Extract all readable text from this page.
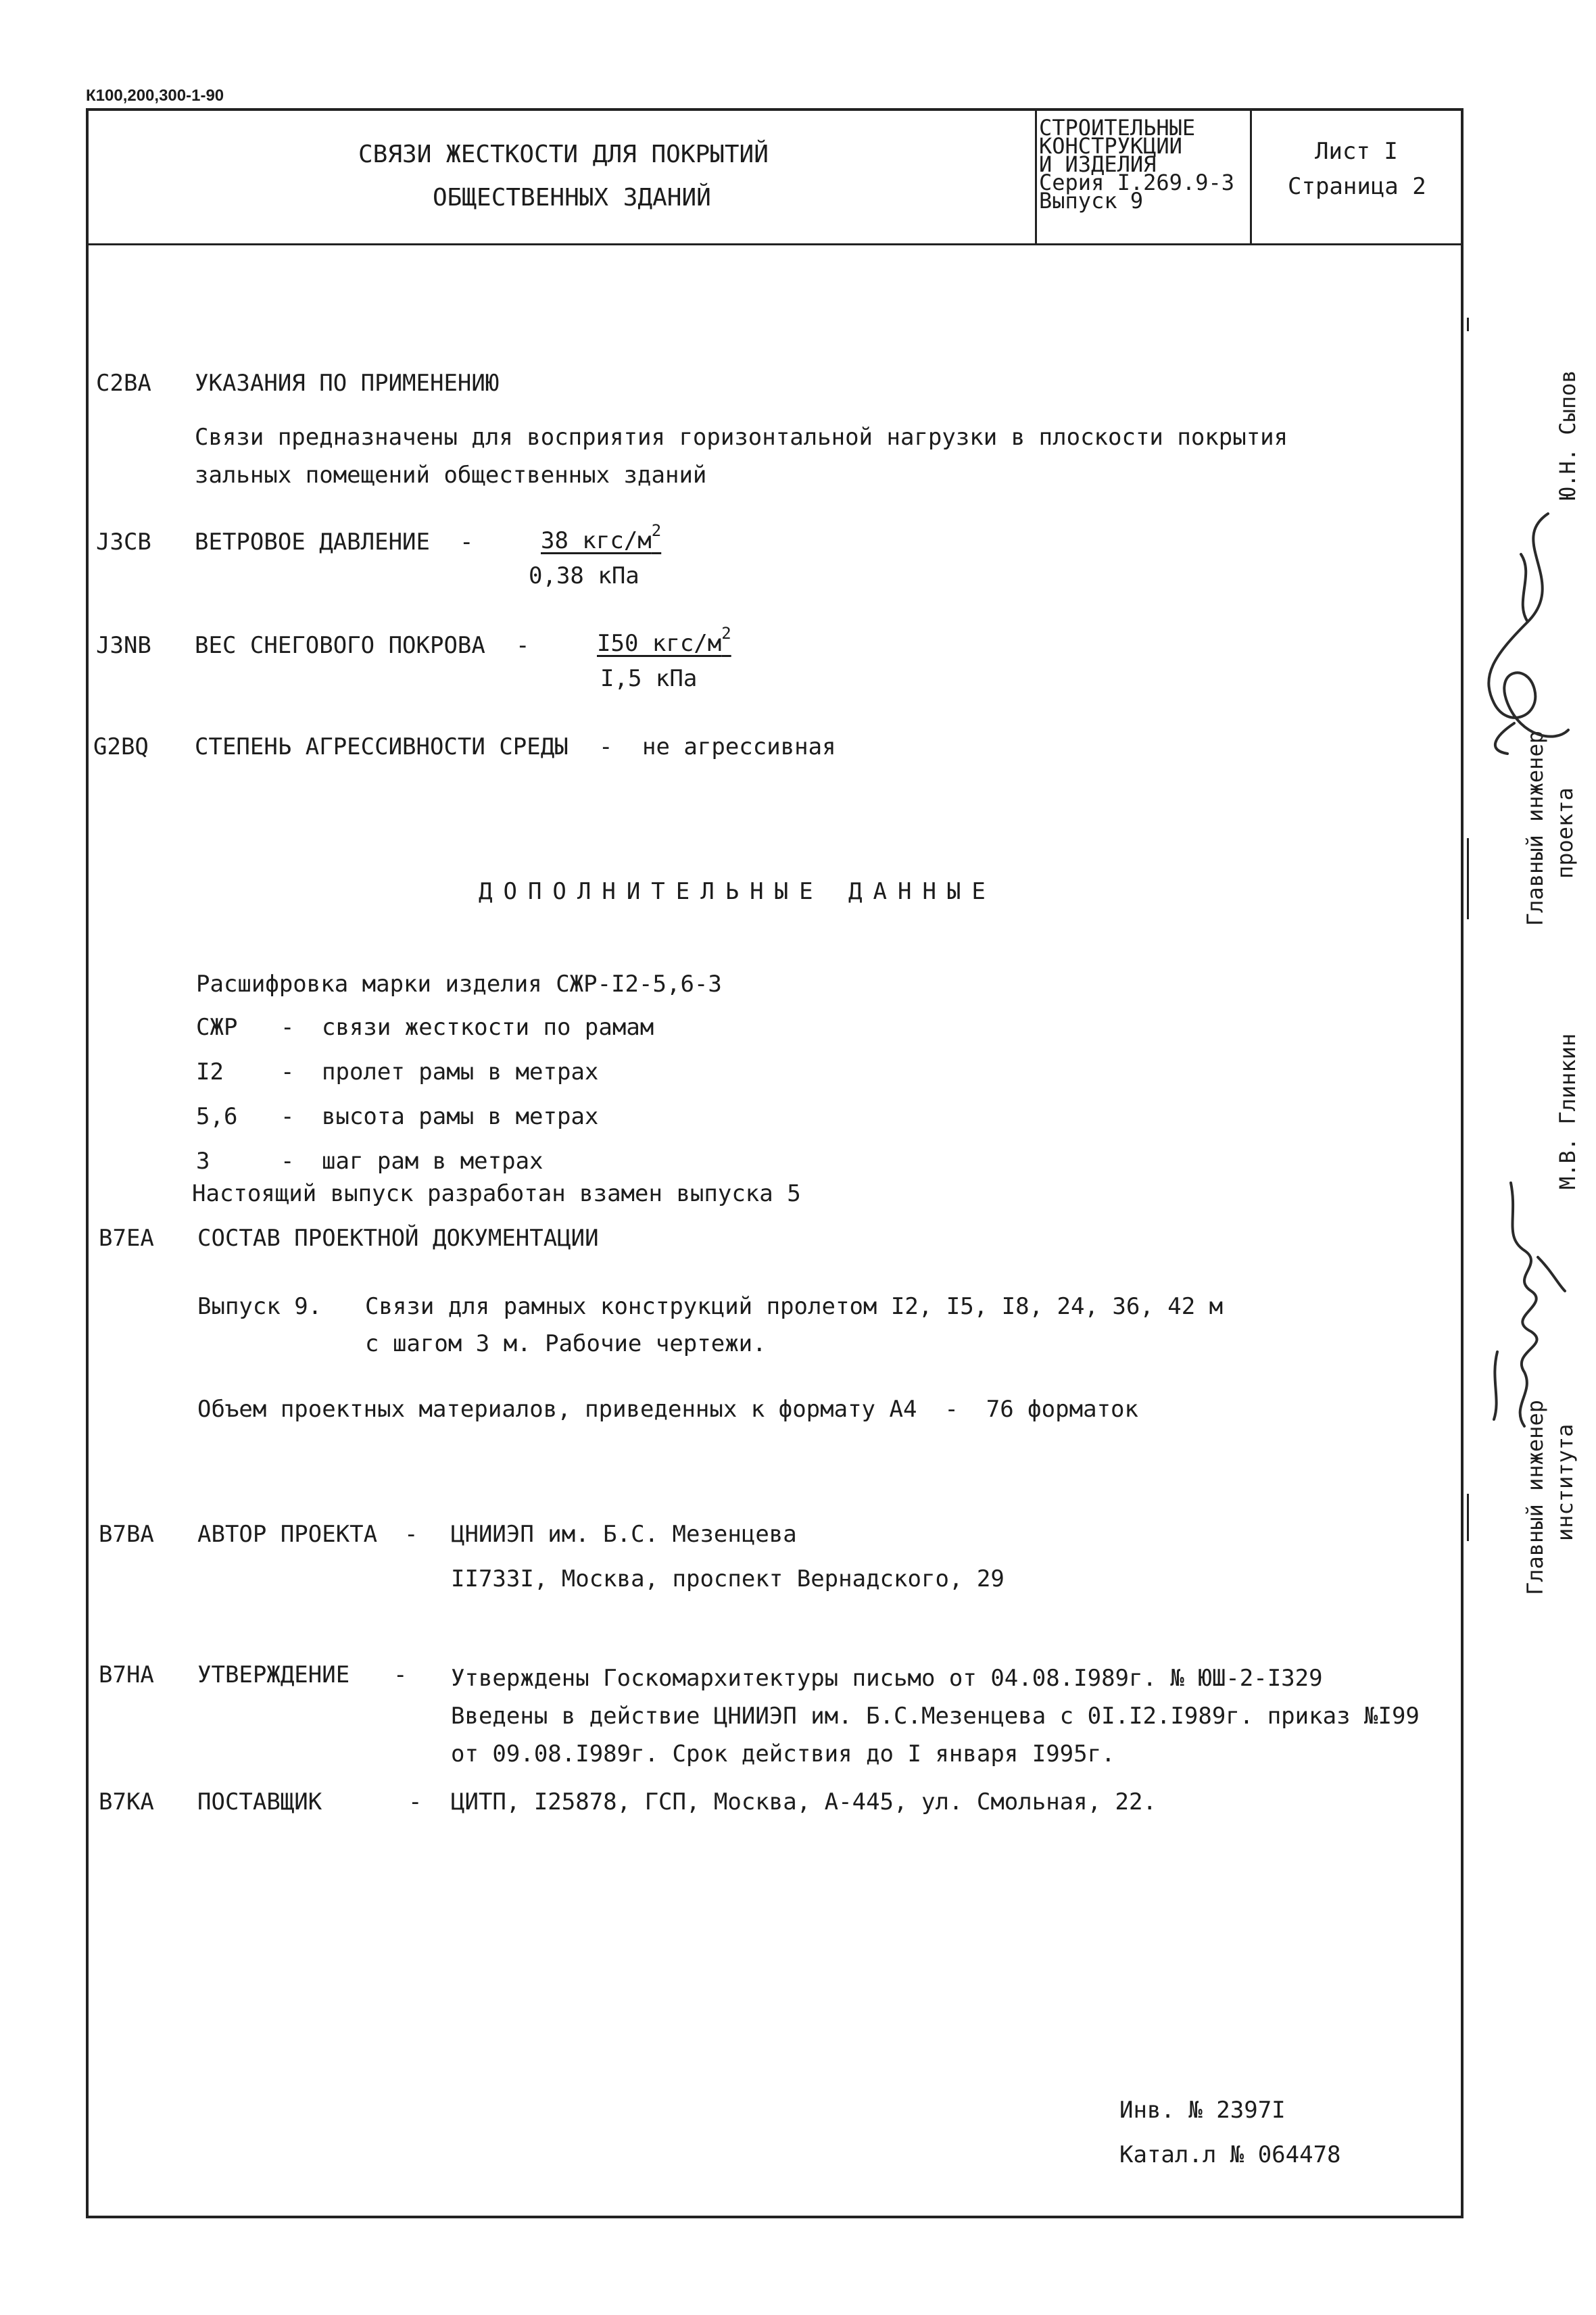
К100,200,300-1-90
СВЯЗИ ЖЕСТКОСТИ ДЛЯ ПОКРЫТИЙ
ОБЩЕСТВЕННЫХ ЗДАНИЙ
СТРОИТЕЛЬНЫЕ
КОНСТРУКЦИИ
И ИЗДЕЛИЯ
Серия I.269.9-3
Выпуск 9
Лист I
Страница 2
C2BA УКАЗАНИЯ ПО ПРИМЕНЕНИЮ
Связи предназначены для восприятия горизонтальной нагрузки в плоскости покрытия
зальных помещений общественных зданий
J3CB ВЕТРОВОЕ ДАВЛЕНИЕ -	38 кгс/$м^2$
0,38 кПа
J3NB ВЕС СНЕГОВОГО ПОКРОВА -	I50 кгс/$м^2$
I,5 кПа
G2BQ СТЕПЕНЬ АГРЕССИВНОСТИ СРЕДЫ - не агрессивная
ДОПОЛНИТЕЛЬНЫЕ ДАННЫЕ
Расшифровка марки изделия СЖР-I2-5,6-3
СЖР - связи жесткости по рамам
I2 - пролет рамы в метрах
5,6 - высота рамы в метрах
3	- шаг рам в метрах
Настоящий выпуск разработан взамен выпуска 5
B7EA СОСТАВ ПРОЕКТНОЙ ДОКУМЕНТАЦИИ
Выпуск 9. Связи для рамных конструкций пролетом I2, I5, I8, 24, 36, 42 м
с шагом 3 м. Рабочие чертежи.
Объем проектных материалов, приведенных к формату А4  -  76 форматок
B7BA АВТОР ПРОЕКТА - ЦНИИЭП им. Б.С. Мезенцева
II733I, Москва, проспект Вернадского, 29
B7HA УТВЕРЖДЕНИЕ - Утверждены Госкомархитектуры письмо от 04.08.I989г. № ЮШ-2-I329
Введены в действие ЦНИИЭП им. Б.С.Мезенцева с 0I.I2.I989г. приказ №I99
от 09.08.I989г. Срок действия до I января I995г.
B7KA ПОСТАВЩИК	- ЦИТП, I25878, ГСП, Москва, А-445, ул. Смольная, 22.
Инв. № 2397I
Катал.л № 064478
Главный инженер проекта
Ю.Н. Сыпов
Главный инженер института
М.В. Глинкин
